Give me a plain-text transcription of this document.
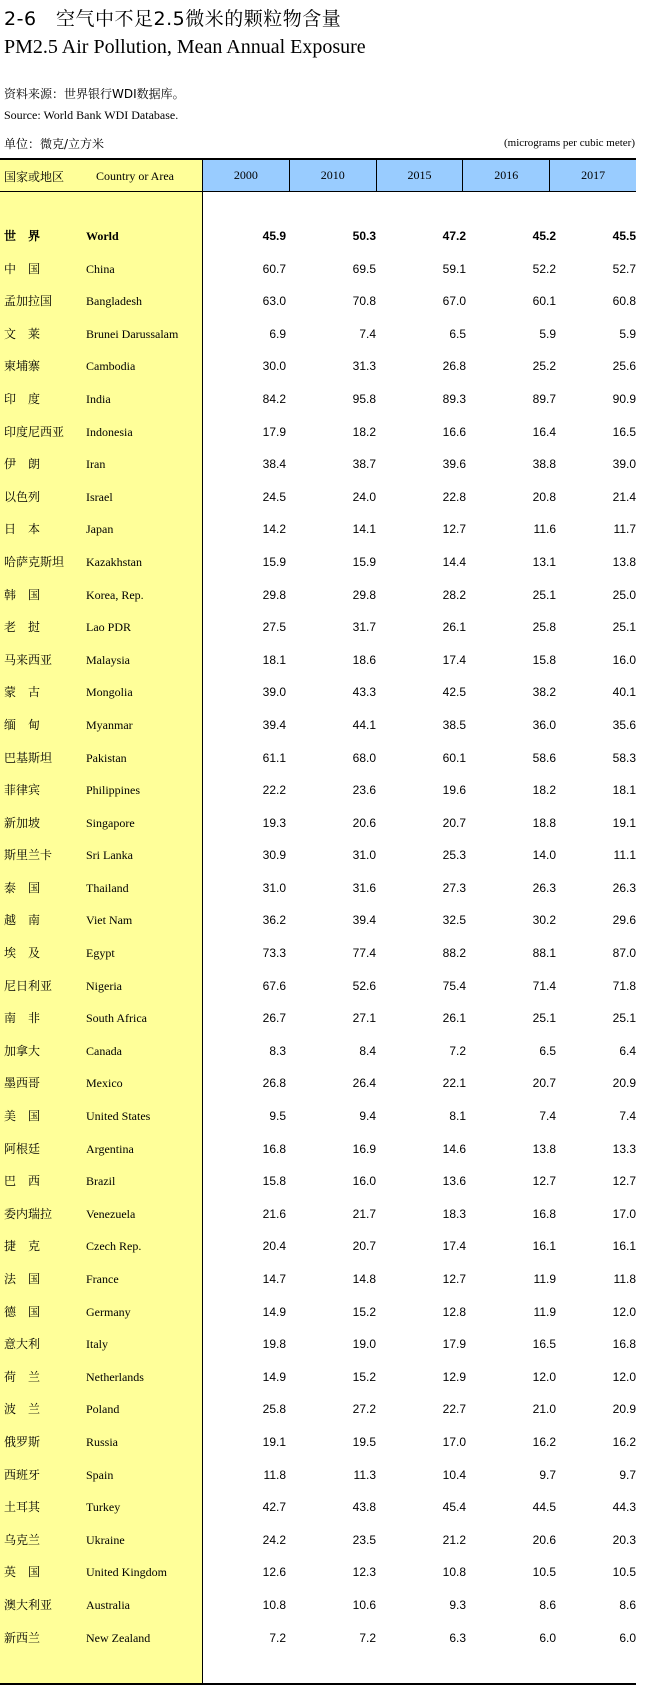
2-6　空气中不足2.5微米的颗粒物含量
PM2.5 Air Pollution, Mean Annual Exposure
资料来源：世界银行WDI数据库。
Source: World Bank WDI Database.
单位：微克/立方米	(micrograms per cubic meter)
国家或地区	Country or Area	2000	2010	2015	2016	2017
世　界	World	45.9	50.3	47.2	45.2	45.5
中　国	China	60.7	69.5	59.1	52.2	52.7
孟加拉国	Bangladesh	63.0	70.8	67.0	60.1	60.8
文　莱	Brunei Darussalam	6.9	7.4	6.5	5.9	5.9
柬埔寨	Cambodia	30.0	31.3	26.8	25.2	25.6
印　度	India	84.2	95.8	89.3	89.7	90.9
印度尼西亚 Indonesia	17.9	18.2	16.6	16.4	16.5
伊　朗	Iran	38.4	38.7	39.6	38.8	39.0
以色列	Israel	24.5	24.0	22.8	20.8	21.4
日　本	Japan	14.2	14.1	12.7	11.6	11.7
哈萨克斯坦 Kazakhstan	15.9	15.9	14.4	13.1	13.8
韩　国	Korea, Rep.	29.8	29.8	28.2	25.1	25.0
老　挝	Lao PDR	27.5	31.7	26.1	25.8	25.1
马来西亚	Malaysia	18.1	18.6	17.4	15.8	16.0
蒙　古	Mongolia	39.0	43.3	42.5	38.2	40.1
缅　甸	Myanmar	39.4	44.1	38.5	36.0	35.6
巴基斯坦	Pakistan	61.1	68.0	60.1	58.6	58.3
菲律宾	Philippines	22.2	23.6	19.6	18.2	18.1
新加坡	Singapore	19.3	20.6	20.7	18.8	19.1
斯里兰卡	Sri Lanka	30.9	31.0	25.3	14.0	11.1
泰　国	Thailand	31.0	31.6	27.3	26.3	26.3
越　南	Viet Nam	36.2	39.4	32.5	30.2	29.6
埃　及	Egypt	73.3	77.4	88.2	88.1	87.0
尼日利亚	Nigeria	67.6	52.6	75.4	71.4	71.8
南　非	South Africa	26.7	27.1	26.1	25.1	25.1
加拿大	Canada	8.3	8.4	7.2	6.5	6.4
墨西哥	Mexico	26.8	26.4	22.1	20.7	20.9
美　国	United States	9.5	9.4	8.1	7.4	7.4
阿根廷	Argentina	16.8	16.9	14.6	13.8	13.3
巴　西	Brazil	15.8	16.0	13.6	12.7	12.7
委内瑞拉	Venezuela	21.6	21.7	18.3	16.8	17.0
捷　克	Czech Rep.	20.4	20.7	17.4	16.1	16.1
法　国	France	14.7	14.8	12.7	11.9	11.8
德　国	Germany	14.9	15.2	12.8	11.9	12.0
意大利	Italy	19.8	19.0	17.9	16.5	16.8
荷　兰	Netherlands	14.9	15.2	12.9	12.0	12.0
波　兰	Poland	25.8	27.2	22.7	21.0	20.9
俄罗斯	Russia	19.1	19.5	17.0	16.2	16.2
西班牙	Spain	11.8	11.3	10.4	9.7	9.7
土耳其	Turkey	42.7	43.8	45.4	44.5	44.3
乌克兰	Ukraine	24.2	23.5	21.2	20.6	20.3
英　国	United Kingdom	12.6	12.3	10.8	10.5	10.5
澳大利亚	Australia	10.8	10.6	9.3	8.6	8.6
新西兰	New Zealand	7.2	7.2	6.3	6.0	6.0
